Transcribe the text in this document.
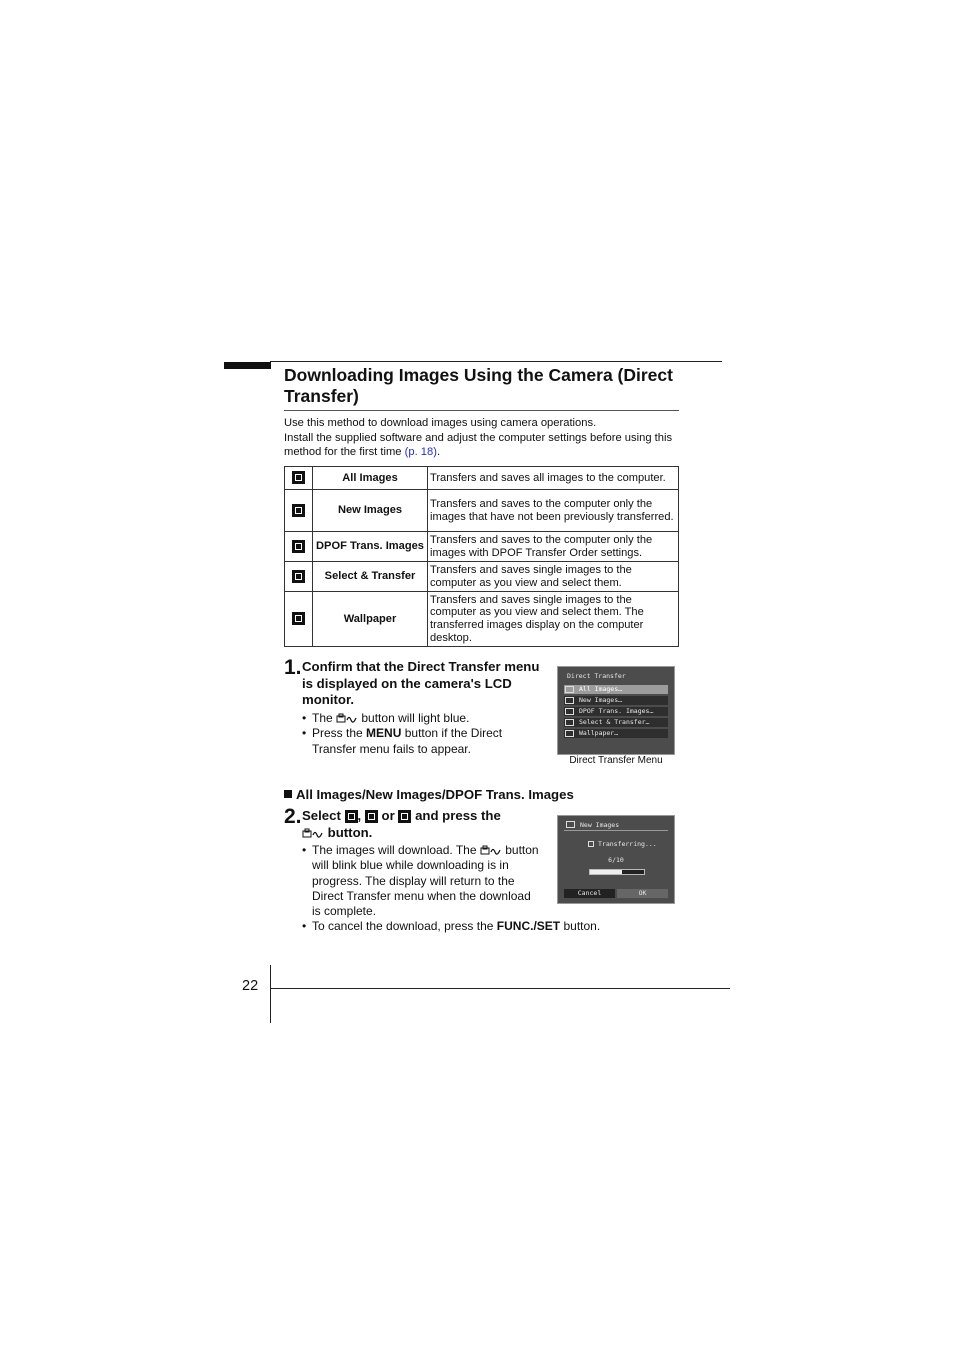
Downloading Images Using the Camera (Direct Transfer)
Use this method to download images using camera operations.
Install the supplied software and adjust the computer settings before using this method for the first time (p. 18).
	All Images	Transfers and saves all images to the computer.
	New Images	Transfers and saves to the computer only the images that have not been previously transferred.
	DPOF Trans. Images	Transfers and saves to the computer only the images with DPOF Transfer Order settings.
	Select & Transfer	Transfers and saves single images to the computer as you view and select them.
	Wallpaper	Transfers and saves single images to the computer as you view and select them. The transferred images display on the computer desktop.
1. Confirm that the Direct Transfer menu is displayed on the camera's LCD monitor.
• The button will light blue.
• Press the MENU button if the Direct Transfer menu fails to appear.
Direct Transfer
All Images…
New Images…
DPOF Trans. Images…
Select & Transfer…
Wallpaper…
Direct Transfer Menu
All Images/New Images/DPOF Trans. Images
2. Select , or and press the
button.
• The images will download. The button will blink blue while downloading is in progress. The display will return to the Direct Transfer menu when the download is complete.
• To cancel the download, press the FUNC./SET button.
New Images
Transferring...
6/10
Cancel	OK
22
